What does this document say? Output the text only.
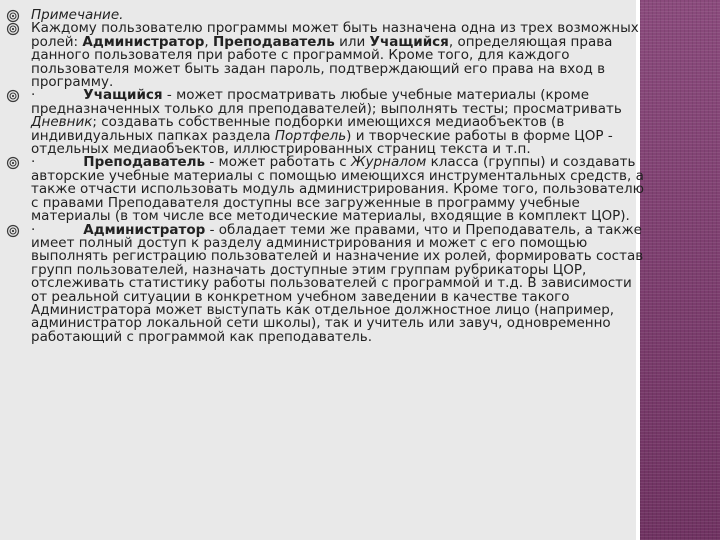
Примечание.
Каждому пользователю программы может быть назначена одна из трех возможных ролей: Администратор, Преподаватель или Учащийся, определяющая права данного пользователя при работе с программой. Кроме того, для каждого пользователя может быть задан пароль, подтверждающий его права на вход в программу.
·	Учащийся - может просматривать любые учебные материалы (кроме предназначенных только для преподавателей); выполнять тесты; просматривать Дневник; создавать собственные подборки имеющихся медиаобъектов (в индивидуальных папках раздела Портфель) и творческие работы в форме ЦОР - отдельных медиаобъектов, иллюстрированных страниц текста и т.п.
·	Преподаватель - может работать с Журналом класса (группы) и создавать авторские учебные материалы с помощью имеющихся инструментальных средств, а также отчасти использовать модуль администрирования. Кроме того, пользователю с правами Преподавателя доступны все загруженные в программу учебные материалы (в том числе все методические материалы, входящие в комплект ЦОР).
·	Администратор - обладает теми же правами, что и Преподаватель, а также имеет полный доступ к разделу администрирования и может с его помощью выполнять регистрацию пользователей и назначение их ролей, формировать состав групп пользователей, назначать доступные этим группам рубрикаторы ЦОР, отслеживать статистику работы пользователей с программой и т.д. В зависимости от реальной ситуации в конкретном учебном заведении в качестве такого Администратора может выступать как отдельное должностное лицо (например, администратор локальной сети школы), так и учитель или завуч, одновременно работающий с программой как преподаватель.
